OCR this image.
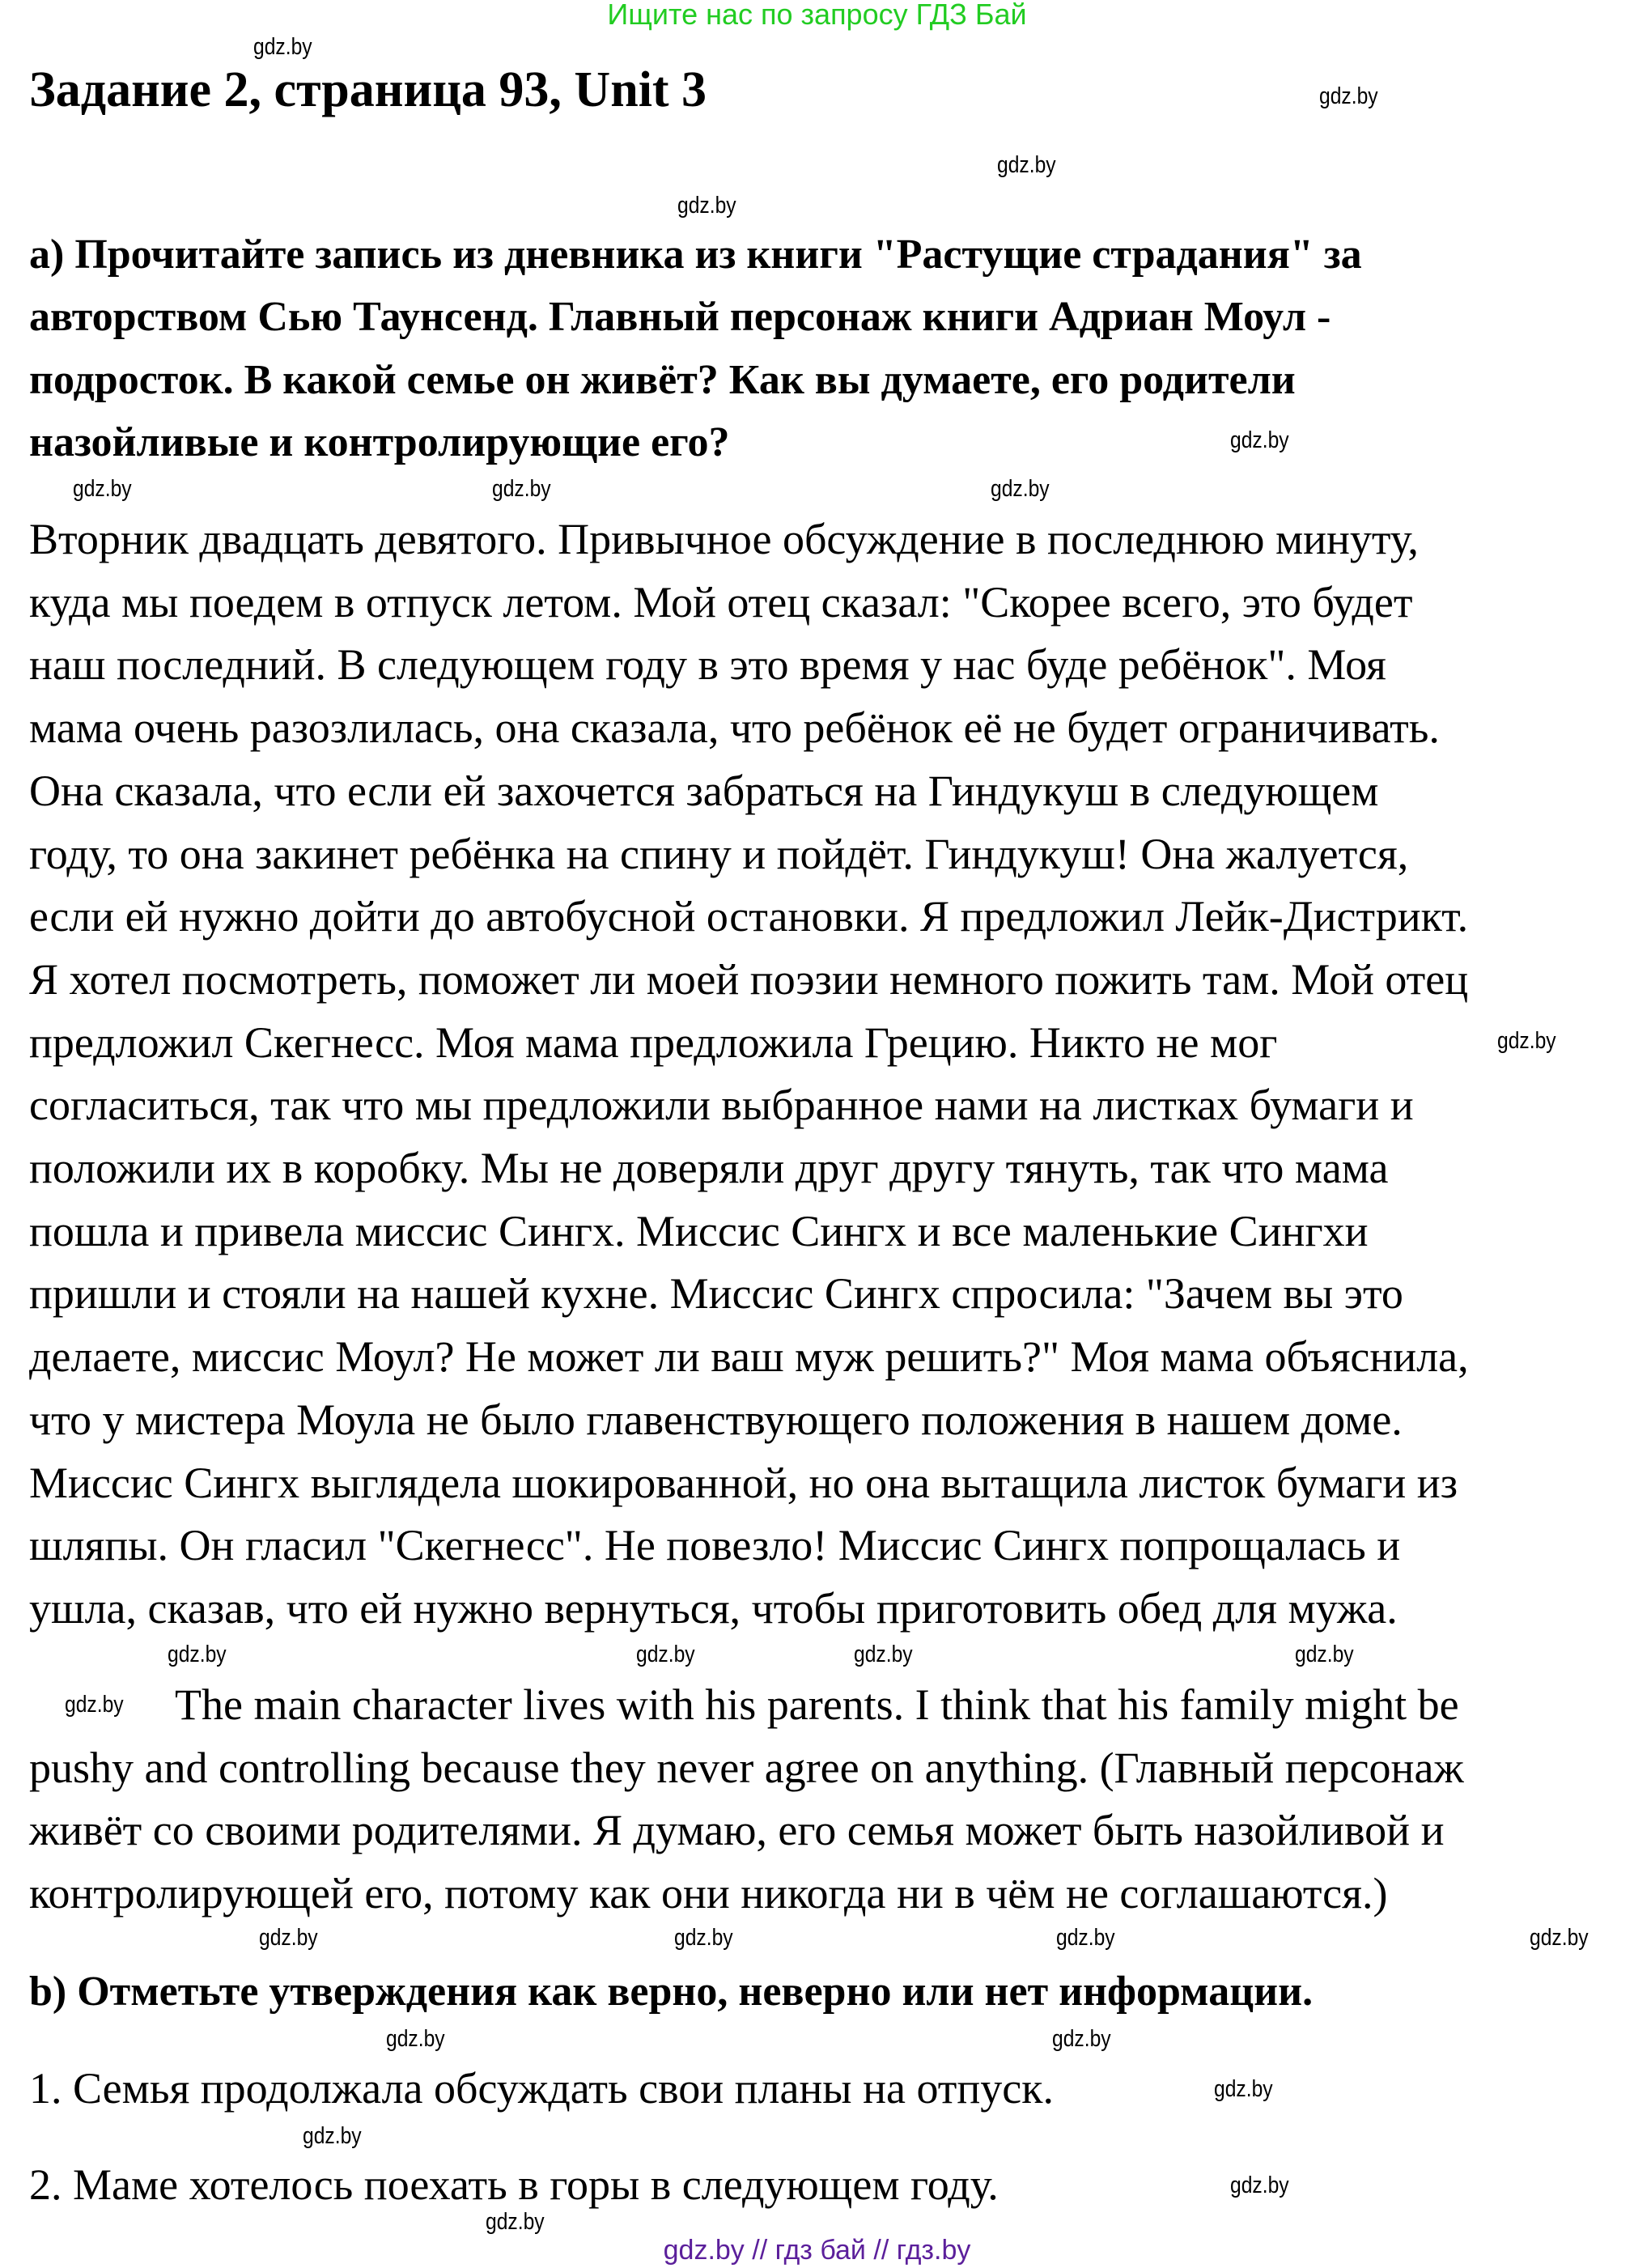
Ищите нас по запросу ГДЗ Бай
Задание 2, страница 93, Unit 3
a) Прочитайте запись из дневника из книги "Растущие страдания" за
авторством Сью Таунсенд. Главный персонаж книги Адриан Моул -
подросток. В какой семье он живёт? Как вы думаете, его родители
назойливые и контролирующие его?
Вторник двадцать девятого. Привычное обсуждение в последнюю минуту,
куда мы поедем в отпуск летом. Мой отец сказал: "Скорее всего, это будет
наш последний. В следующем году в это время у нас буде ребёнок". Моя
мама очень разозлилась, она сказала, что ребёнок её не будет ограничивать.
Она сказала, что если ей захочется забраться на Гиндукуш в следующем
году, то она закинет ребёнка на спину и пойдёт. Гиндукуш! Она жалуется,
если ей нужно дойти до автобусной остановки. Я предложил Лейк-Дистрикт.
Я хотел посмотреть, поможет ли моей поэзии немного пожить там. Мой отец
предложил Скегнесс. Моя мама предложила Грецию. Никто не мог
согласиться, так что мы предложили выбранное нами на листках бумаги и
положили их в коробку. Мы не доверяли друг другу тянуть, так что мама
пошла и привела миссис Сингх. Миссис Сингх и все маленькие Сингхи
пришли и стояли на нашей кухне. Миссис Сингх спросила: "Зачем вы это
делаете, миссис Моул? Не может ли ваш муж решить?" Моя мама объяснила,
что у мистера Моула не было главенствующего положения в нашем доме.
Миссис Сингх выглядела шокированной, но она вытащила листок бумаги из
шляпы. Он гласил "Скегнесс". Не повезло! Миссис Сингх попрощалась и
ушла, сказав, что ей нужно вернуться, чтобы приготовить обед для мужа.
The main character lives with his parents. I think that his family might be
pushy and controlling because they never agree on anything. (Главный персонаж
живёт со своими родителями. Я думаю, его семья может быть назойливой и
контролирующей его, потому как они никогда ни в чём не соглашаются.)
b) Отметьте утверждения как верно, неверно или нет информации.
1. Семья продолжала обсуждать свои планы на отпуск.
2. Маме хотелось поехать в горы в следующем году.
gdz.by
gdz.by
gdz.by
gdz.by
gdz.by
gdz.by
gdz.by
gdz.by
gdz.by
gdz.by
gdz.by
gdz.by	gdz.by
gdz.by
gdz.by	gdz.by
gdz.by
gdz.by	gdz.by
gdz.by
gdz.by
gdz.by
gdz.by
gdz.by
gdz.by // гдз бай // гдз.by
